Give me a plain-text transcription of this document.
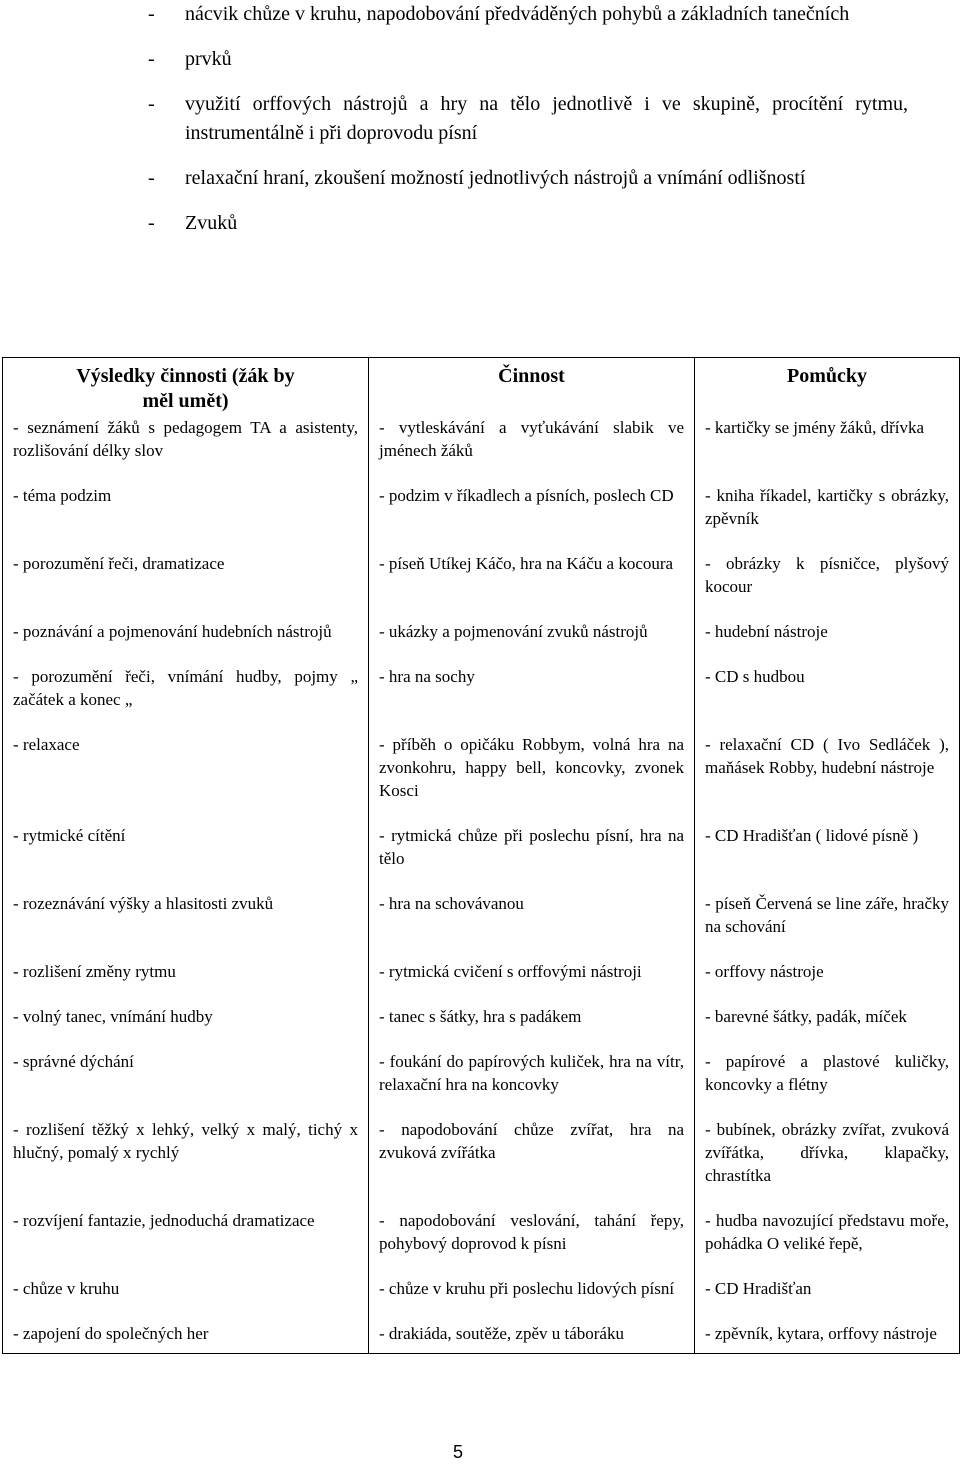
- nácvik chůze v kruhu, napodobování předváděných pohybů a základních tanečních
- prvků
- využití orffových nástrojů a hry na tělo jednotlivě i ve skupině, procítění rytmu, instrumentálně i při doprovodu písní
- relaxační hraní, zkoušení možností jednotlivých nástrojů a vnímání odlišností
- Zvuků
Výsledky činnosti (žák by měl umět)	Činnost	Pomůcky
- seznámení žáků s pedagogem TA a asistenty, rozlišování délky slov	- vytleskávání a vyťukávání slabik ve jménech žáků	- kartičky se jmény žáků, dřívka
- téma podzim	- podzim v říkadlech a písních, poslech CD	- kniha říkadel, kartičky s obrázky, zpěvník
- porozumění řeči, dramatizace	- píseň Utíkej Káčo, hra na Káču a kocoura	- obrázky k písničce, plyšový kocour
- poznávání a pojmenování hudebních nástrojů	- ukázky a pojmenování zvuků nástrojů	- hudební nástroje
- porozumění řeči, vnímání hudby, pojmy „ začátek a konec „	- hra na sochy	- CD s hudbou
- relaxace	- příběh o opičáku Robbym, volná hra na zvonkohru, happy bell, koncovky, zvonek Kosci	- relaxační CD ( Ivo Sedláček ), maňásek Robby, hudební nástroje
- rytmické cítění	- rytmická chůze při poslechu písní, hra na tělo	- CD Hradišťan ( lidové písně )
- rozeznávání výšky a hlasitosti zvuků	- hra na schovávanou	- píseň Červená se line záře, hračky na schování
- rozlišení změny rytmu	- rytmická cvičení s orffovými nástroji	- orffovy nástroje
- volný tanec, vnímání hudby	- tanec s šátky, hra s padákem	- barevné šátky, padák, míček
- správné dýchání	- foukání do papírových kuliček, hra na vítr, relaxační hra na koncovky	- papírové a plastové kuličky, koncovky a flétny
- rozlišení těžký x lehký, velký x malý, tichý x hlučný, pomalý x rychlý	- napodobování chůze zvířat, hra na zvuková zvířátka	- bubínek, obrázky zvířat, zvuková zvířátka, dřívka, klapačky, chrastítka
- rozvíjení fantazie, jednoduchá dramatizace	- napodobování veslování, tahání řepy, pohybový doprovod k písni	- hudba navozující představu moře, pohádka O veliké řepě,
- chůze v kruhu	- chůze v kruhu při poslechu lidových písní	- CD Hradišťan
- zapojení do společných her	- drakiáda, soutěže, zpěv u táboráku	- zpěvník, kytara, orffovy nástroje
5
